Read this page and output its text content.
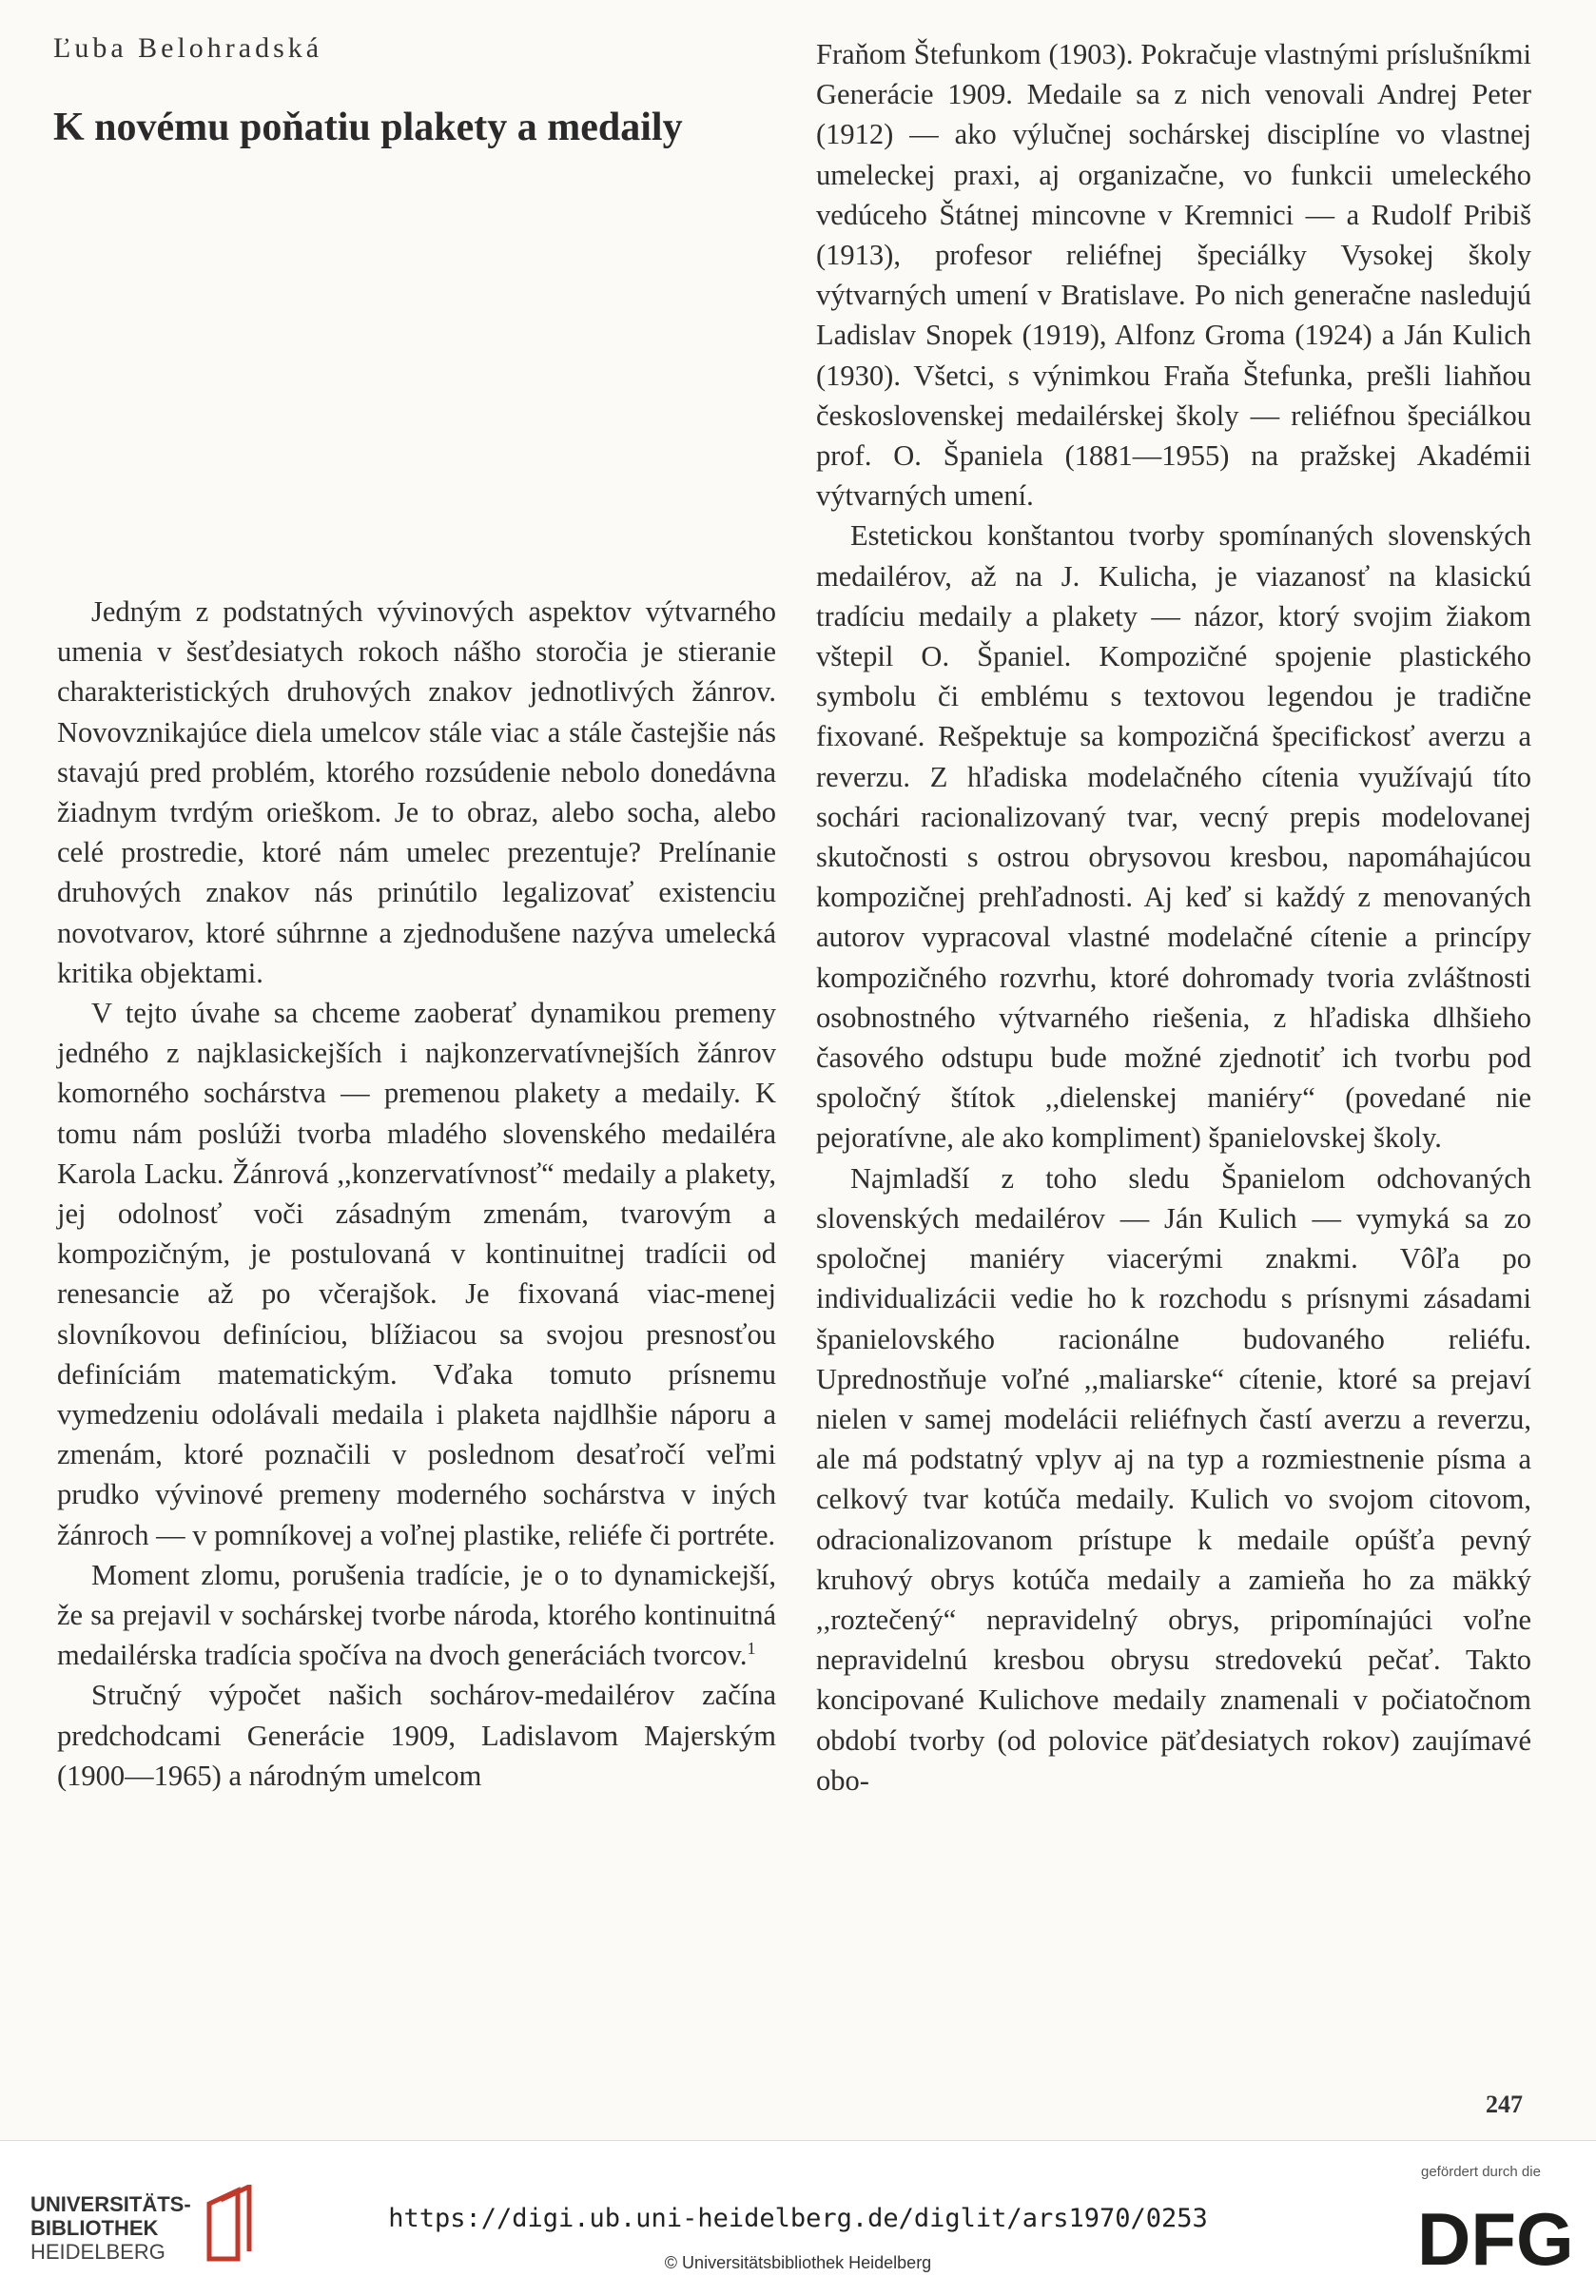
Ľuba Belohradská
K novému poňatiu plakety a medaily

Jedným z podstatných vývinových aspektov výtvarného umenia v šesťdesiatych rokoch nášho storočia je stieranie charakteristických druhových znakov jednotlivých žánrov. Novovznikajúce diela umelcov stále viac a stále častejšie nás stavajú pred problém, ktorého rozsúdenie nebolo donedávna žiadnym tvrdým orieškom. Je to obraz, alebo socha, alebo celé prostredie, ktoré nám umelec prezentuje? Prelínanie druhových znakov nás prinútilo legalizovať existenciu novotvarov, ktoré súhrnne a zjednodušene nazýva umelecká kritika objektami.

V tejto úvahe sa chceme zaoberať dynamikou premeny jedného z najklasickejších i najkonzervatívnejších žánrov komorného sochárstva — premenou plakety a medaily. K tomu nám poslúži tvorba mladého slovenského medailéra Karola Lacku. Žánrová ,,konzervatívnosť“ medaily a plakety, jej odolnosť voči zásadným zmenám, tvarovým a kompozičným, je postulovaná v kontinuitnej tradícii od renesancie až po včerajšok. Je fixovaná viac-menej slovníkovou definíciou, blížiacou sa svojou presnosťou definíciám matematickým. Vďaka tomuto prísnemu vymedzeniu odolávali medaila i plaketa najdlhšie náporu a zmenám, ktoré poznačili v poslednom desaťročí veľmi prudko vývinové premeny moderného sochárstva v iných žánroch — v pomníkovej a voľnej plastike, reliéfe či portréte.

Moment zlomu, porušenia tradície, je o to dynamickejší, že sa prejavil v sochárskej tvorbe národa, ktorého kontinuitná medailérska tradícia spočíva na dvoch generáciách tvorcov.$^1$

Stručný výpočet našich sochárov-medailérov začína predchodcami Generácie 1909, Ladislavom Majerským (1900—1965) a národným umelcom

Fraňom Štefunkom (1903). Pokračuje vlastnými príslušníkmi Generácie 1909. Medaile sa z nich venovali Andrej Peter (1912) — ako výlučnej sochárskej disciplíne vo vlastnej umeleckej praxi, aj organizačne, vo funkcii umeleckého vedúceho Štátnej mincovne v Kremnici — a Rudolf Pribiš (1913), profesor reliéfnej špeciálky Vysokej školy výtvarných umení v Bratislave. Po nich generačne nasledujú Ladislav Snopek (1919), Alfonz Groma (1924) a Ján Kulich (1930). Všetci, s výnimkou Fraňa Štefunka, prešli liahňou československej medailérskej školy — reliéfnou špeciálkou prof. O. Španiela (1881—1955) na pražskej Akadémii výtvarných umení.

Estetickou konštantou tvorby spomínaných slovenských medailérov, až na J. Kulicha, je viazanosť na klasickú tradíciu medaily a plakety — názor, ktorý svojim žiakom vštepil O. Španiel. Kompozičné spojenie plastického symbolu či emblému s textovou legendou je tradične fixované. Rešpektuje sa kompozičná špecifickosť averzu a reverzu. Z hľadiska modelačného cítenia využívajú títo sochári racionalizovaný tvar, vecný prepis modelovanej skutočnosti s ostrou obrysovou kresbou, napomáhajúcou kompozičnej prehľadnosti. Aj keď si každý z menovaných autorov vypracoval vlastné modelačné cítenie a princípy kompozičného rozvrhu, ktoré dohromady tvoria zvláštnosti osobnostného výtvarného riešenia, z hľadiska dlhšieho časového odstupu bude možné zjednotiť ich tvorbu pod spoločný štítok ,,dielenskej maniéry“ (povedané nie pejoratívne, ale ako kompliment) španielovskej školy.

Najmladší z toho sledu Španielom odchovaných slovenských medailérov — Ján Kulich — vymyká sa zo spoločnej maniéry viacerými znakmi. Vôľa po individualizácii vedie ho k rozchodu s prísnymi zásadami španielovského racionálne budovaného reliéfu. Uprednostňuje voľné ,,maliarske“ cítenie, ktoré sa prejaví nielen v samej modelácii reliéfnych častí averzu a reverzu, ale má podstatný vplyv aj na typ a rozmiestnenie písma a celkový tvar kotúča medaily. Kulich vo svojom citovom, odracionalizovanom prístupe k medaile opúšťa pevný kruhový obrys kotúča medaily a zamieňa ho za mäkký ,,roztečený“ nepravidelný obrys, pripomínajúci voľne nepravidelnú kresbou obrysu stredovekú pečať. Takto koncipované Kulichove medaily znamenali v počiatočnom období tvorby (od polovice päťdesiatych rokov) zaujímavé obo-

247
UNIVERSITÄTS-
BIBLIOTHEK
HEIDELBERG
https://digi.ub.uni-heidelberg.de/diglit/ars1970/0253
© Universitätsbibliothek Heidelberg
gefördert durch die
DFG
